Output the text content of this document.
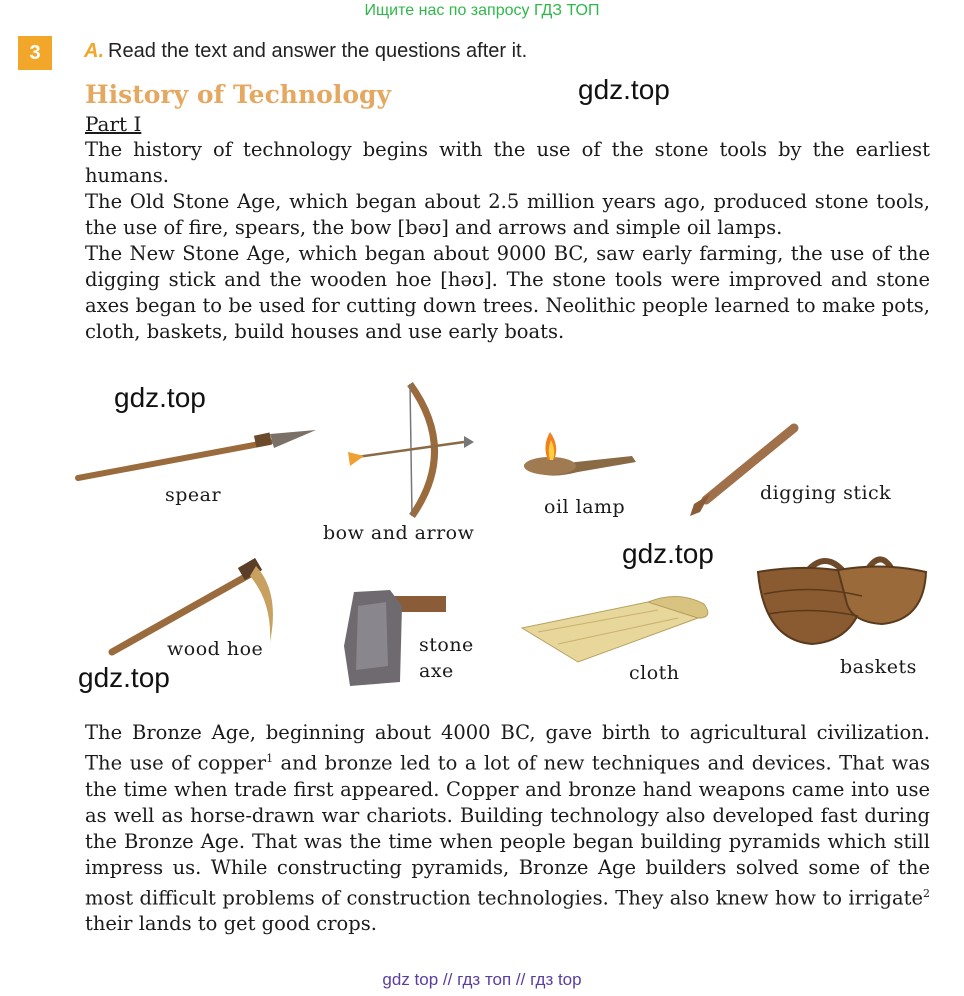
Ищите нас по запросу ГДЗ ТОП
3	A. Read the text and answer the questions after it.
gdz.top
History of Technology
Part I
The history of technology begins with the use of the stone tools by the earliest humans.
The Old Stone Age, which began about 2.5 million years ago, produced stone tools, the use of fire, spears, the bow [bəʊ] and arrows and simple oil lamps.
The New Stone Age, which began about 9000 BC, saw early farming, the use of the digging stick and the wooden hoe [həʊ]. The stone tools were improved and stone axes began to be used for cutting down trees. Neolithic people learned to make pots, cloth, baskets, build houses and use early boats.
gdz.top
spear
bow and arrow
oil lamp
digging stick
gdz.top
wood hoe
gdz.top
stone
axe	cloth	baskets
The Bronze Age, beginning about 4000 BC, gave birth to agricultural civilization. The use of copper$^1$ and bronze led to a lot of new techniques and devices. That was the time when trade first appeared. Copper and bronze hand weapons came into use as well as horse-drawn war chariots. Building technology also developed fast during the Bronze Age. That was the time when people began building pyramids which still impress us. While constructing pyramids, Bronze Age builders solved some of the most difficult problems of construction technologies. They also knew how to irrigate$^2$ their lands to get good crops.
gdz top // гдз топ // гдз top
